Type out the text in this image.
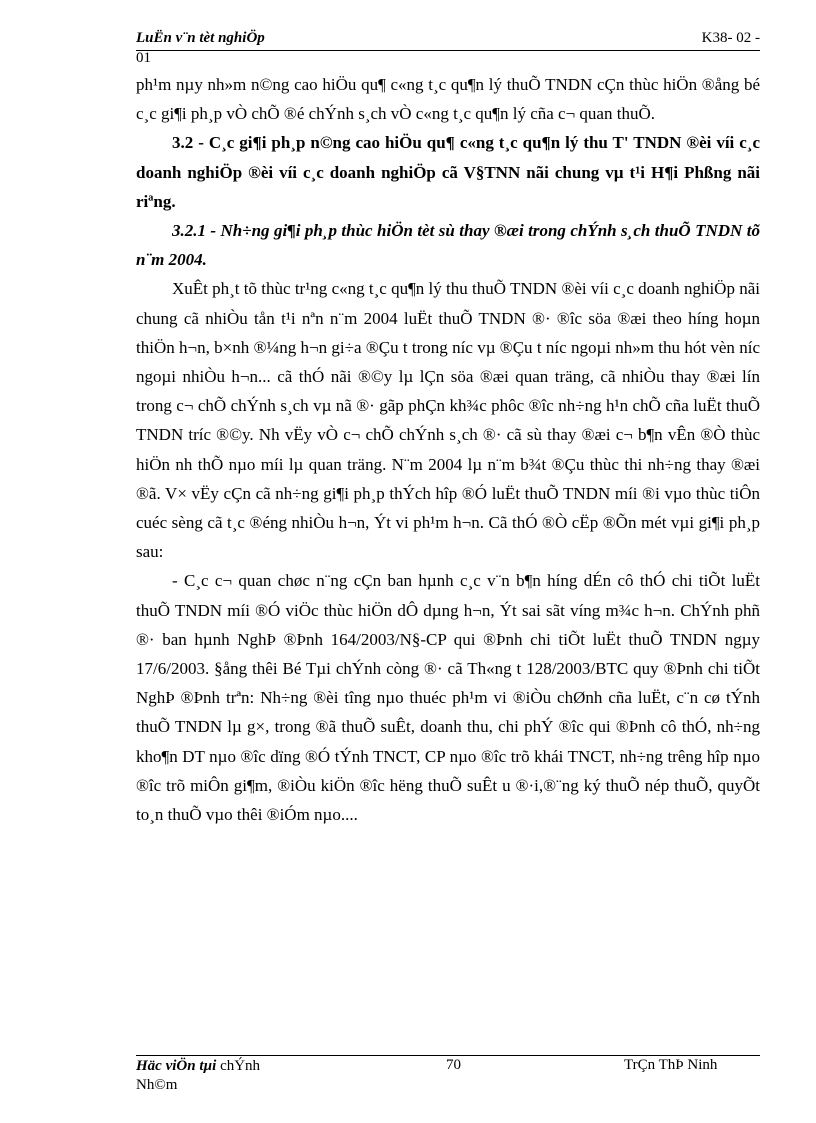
LuËn v¨n tèt nghiÖp	K38- 02 -
01

ph¹m nµy nh»m n©ng cao hiÖu qu¶ c«ng t¸c qu¶n lý thuÕ TNDN cÇn thùc hiÖn ®ång bé c¸c gi¶i ph¸p vÒ chÕ ®é chÝnh s¸ch vÒ c«ng t¸c qu¶n lý cña c¬ quan thuÕ.

3.2 - C¸c gi¶i ph¸p n©ng cao hiÖu qu¶ c«ng t¸c qu¶n lý thu T' TNDN ®èi víi c¸c doanh nghiÖp ®èi víi c¸c doanh nghiÖp cã V§TNN nãi chung vµ t¹i H¶i Phßng nãi riªng.

3.2.1 - Nh÷ng gi¶i ph¸p thùc hiÖn tèt sù thay ®æi trong chÝnh s¸ch thuÕ TNDN tõ n¨m 2004.

XuÊt ph¸t tõ thùc tr¹ng c«ng t¸c qu¶n lý thu thuÕ TNDN ®èi víi c¸c doanh nghiÖp nãi chung cã nhiÒu tån t¹i nªn n¨m 2004 luËt thuÕ TNDN ®· ®îc söa ®æi theo híng hoµn thiÖn h¬n, b×nh ®¼ng h¬n gi÷a ®Çu t trong níc vµ ®Çu t níc ngoµi nh»m thu hót vèn níc ngoµi nhiÒu h¬n... cã thÓ nãi ®©y lµ lÇn söa ®æi quan träng, cã nhiÒu thay ®æi lín trong c¬ chÕ chÝnh s¸ch vµ nã ®· gãp phÇn kh¾c phôc ®îc nh÷ng h¹n chÕ cña luËt thuÕ TNDN tríc ®©y. Nh vËy vÒ c¬ chÕ chÝnh s¸ch ®· cã sù thay ®æi c¬ b¶n vÊn ®Ò thùc hiÖn nh thÕ nµo míi lµ quan träng. N¨m 2004 lµ n¨m b¾t ®Çu thùc thi nh÷ng thay ®æi ®ã. V× vËy cÇn cã nh÷ng gi¶i ph¸p thÝch hîp ®Ó luËt thuÕ TNDN míi ®i vµo thùc tiÔn cuéc sèng cã t¸c ®éng nhiÒu h¬n, Ýt vi ph¹m h¬n. Cã thÓ ®Ò cËp ®Õn mét vµi gi¶i ph¸p sau:

- C¸c c¬ quan chøc n¨ng cÇn ban hµnh c¸c v¨n b¶n híng dÉn cô thÓ chi tiÕt luËt thuÕ TNDN míi ®Ó viÖc thùc hiÖn dÔ dµng h¬n, Ýt sai sãt víng m¾c h¬n. ChÝnh phñ ®· ban hµnh NghÞ ®Þnh 164/2003/N§-CP qui ®Þnh chi tiÕt luËt thuÕ TNDN ngµy 17/6/2003. §ång thêi Bé Tµi chÝnh còng ®· cã Th«ng t 128/2003/BTC quy ®Þnh chi tiÕt NghÞ ®Þnh trªn: Nh÷ng ®èi tîng nµo thuéc ph¹m vi ®iÒu chØnh cña luËt, c¨n cø tÝnh thuÕ TNDN lµ g×, trong ®ã thuÕ suÊt, doanh thu, chi phÝ ®îc qui ®Þnh cô thÓ, nh÷ng kho¶n DT nµo ®îc dïng ®Ó tÝnh TNCT, CP nµo ®îc trõ khái TNCT, nh÷ng trêng hîp nµo ®îc trõ miÔn gi¶m, ®iÒu kiÖn ®îc hëng thuÕ suÊt u ®·i,®¨ng ký thuÕ nép thuÕ, quyÕt to¸n thuÕ vµo thêi ®iÓm nµo....

Häc viÖn tµi chÝnh
Nh©m
70	TrÇn ThÞ Ninh
